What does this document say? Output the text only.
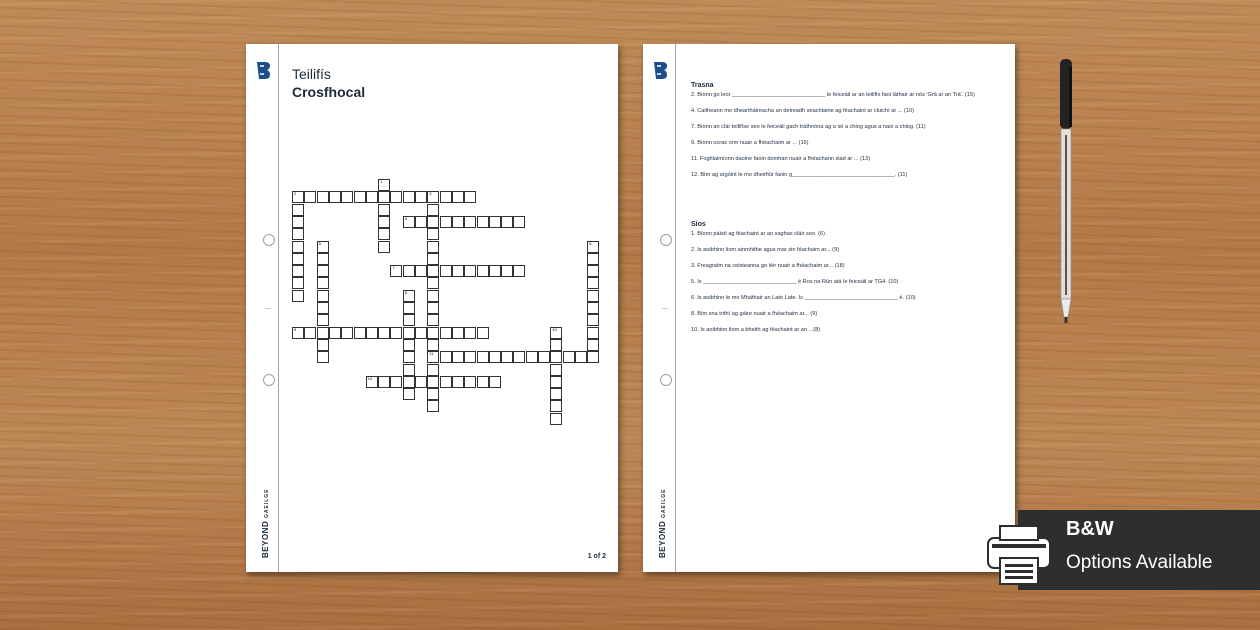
BEYOND GAEILGE
Teilifís
Crosfhocal
2	3
4
7
9
11
12
1
5	6
8
10
1 of 2	BEYOND GAEILGE
Trasna
2. Bíonn go leor ______________________________ le feiceáil ar an teilifís faoi láthair ar nós 'Grá ar an Trá'. (15)
4. Caitheann mo dheartháireacha an deireadh seachtaine ag féachaint ar cluichí ar ... (10)
7. Bíonn an clár teilifíse seo le feiceáil gach tráthnóna ag a sé a chlog agus a naoi a chlog. (11)
9. Bíonn ocras orm nuair a fhéachaim ar ... (16)
11. Foghlaimíonn daoine faoin domhan nuair a fhéachann siad ar ... (13)
12. Bím ag argóint le mo dheirfiúr faoin g_________________________________. (11)
Síos
1. Bíonn páistí ag féachaint ar an saghas cláir seo. (6)
2. Is aoibhinn liom ainmhithe agus mar sin féachaim ar... (9)
3. Freagraím na ceisteanna go léir nuair a fhéachaim ar... (18)
5. Is ______________________________ é Ros na Rún atá le feiceáil ar TG4. (10)
6. Is aoibhinn le mo Mháthair an Late Late. Is ______________________________ é. (10)
8. Bím sna trithí ag gáire nuair a fhéachaim ar... (9)
10. Is aoibhinn liom a bheith ag féachaint ar an ...(8)
B&W
Options Available
